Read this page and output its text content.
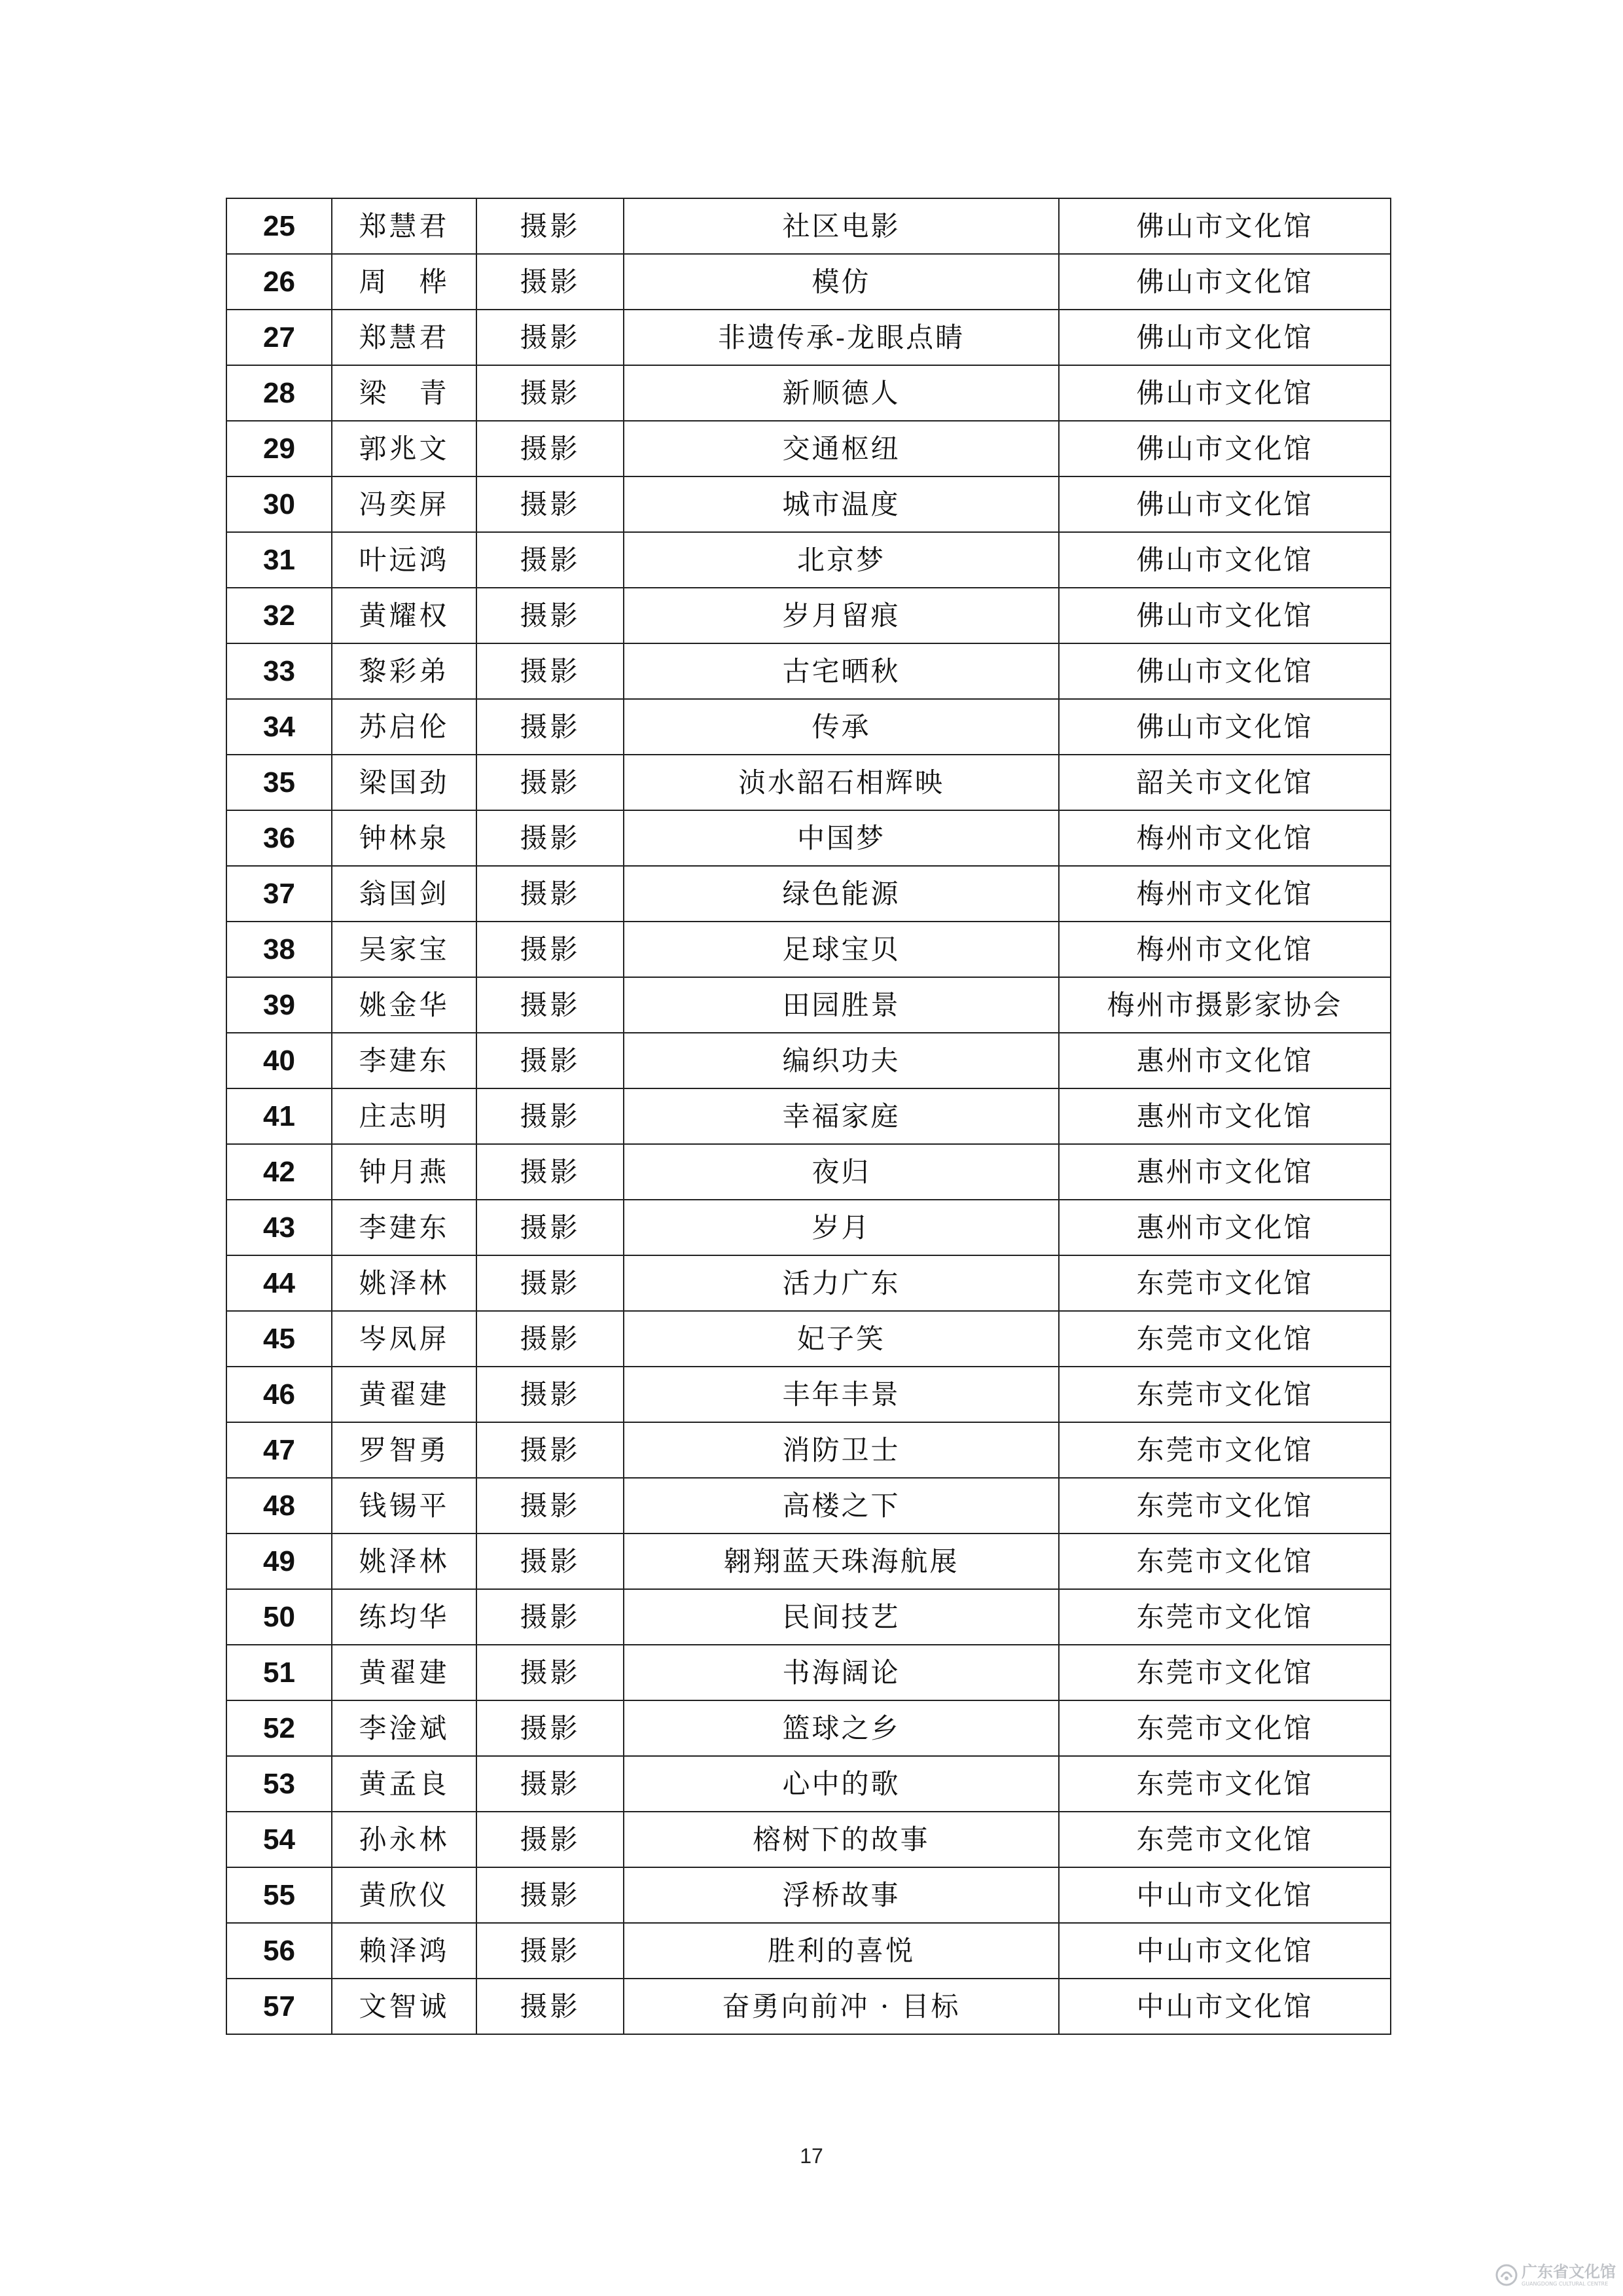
25	郑慧君	摄影	社区电影	佛山市文化馆
26	周　桦	摄影	模仿	佛山市文化馆
27	郑慧君	摄影	非遗传承-龙眼点睛	佛山市文化馆
28	梁　青	摄影	新顺德人	佛山市文化馆
29	郭兆文	摄影	交通枢纽	佛山市文化馆
30	冯奕屏	摄影	城市温度	佛山市文化馆
31	叶远鸿	摄影	北京梦	佛山市文化馆
32	黄耀权	摄影	岁月留痕	佛山市文化馆
33	黎彩弟	摄影	古宅晒秋	佛山市文化馆
34	苏启伦	摄影	传承	佛山市文化馆
35	梁国劲	摄影	浈水韶石相辉映	韶关市文化馆
36	钟林泉	摄影	中国梦	梅州市文化馆
37	翁国剑	摄影	绿色能源	梅州市文化馆
38	吴家宝	摄影	足球宝贝	梅州市文化馆
39	姚金华	摄影	田园胜景	梅州市摄影家协会
40	李建东	摄影	编织功夫	惠州市文化馆
41	庄志明	摄影	幸福家庭	惠州市文化馆
42	钟月燕	摄影	夜归	惠州市文化馆
43	李建东	摄影	岁月	惠州市文化馆
44	姚泽林	摄影	活力广东	东莞市文化馆
45	岑凤屏	摄影	妃子笑	东莞市文化馆
46	黄翟建	摄影	丰年丰景	东莞市文化馆
47	罗智勇	摄影	消防卫士	东莞市文化馆
48	钱锡平	摄影	高楼之下	东莞市文化馆
49	姚泽林	摄影	翱翔蓝天珠海航展	东莞市文化馆
50	练均华	摄影	民间技艺	东莞市文化馆
51	黄翟建	摄影	书海阔论	东莞市文化馆
52	李淦斌	摄影	篮球之乡	东莞市文化馆
53	黄孟良	摄影	心中的歌	东莞市文化馆
54	孙永林	摄影	榕树下的故事	东莞市文化馆
55	黄欣仪	摄影	浮桥故事	中山市文化馆
56	赖泽鸿	摄影	胜利的喜悦	中山市文化馆
57	文智诚	摄影	奋勇向前冲 · 目标	中山市文化馆
17
广东省文化馆
GUANGDONG CULTURAL CENTRE
